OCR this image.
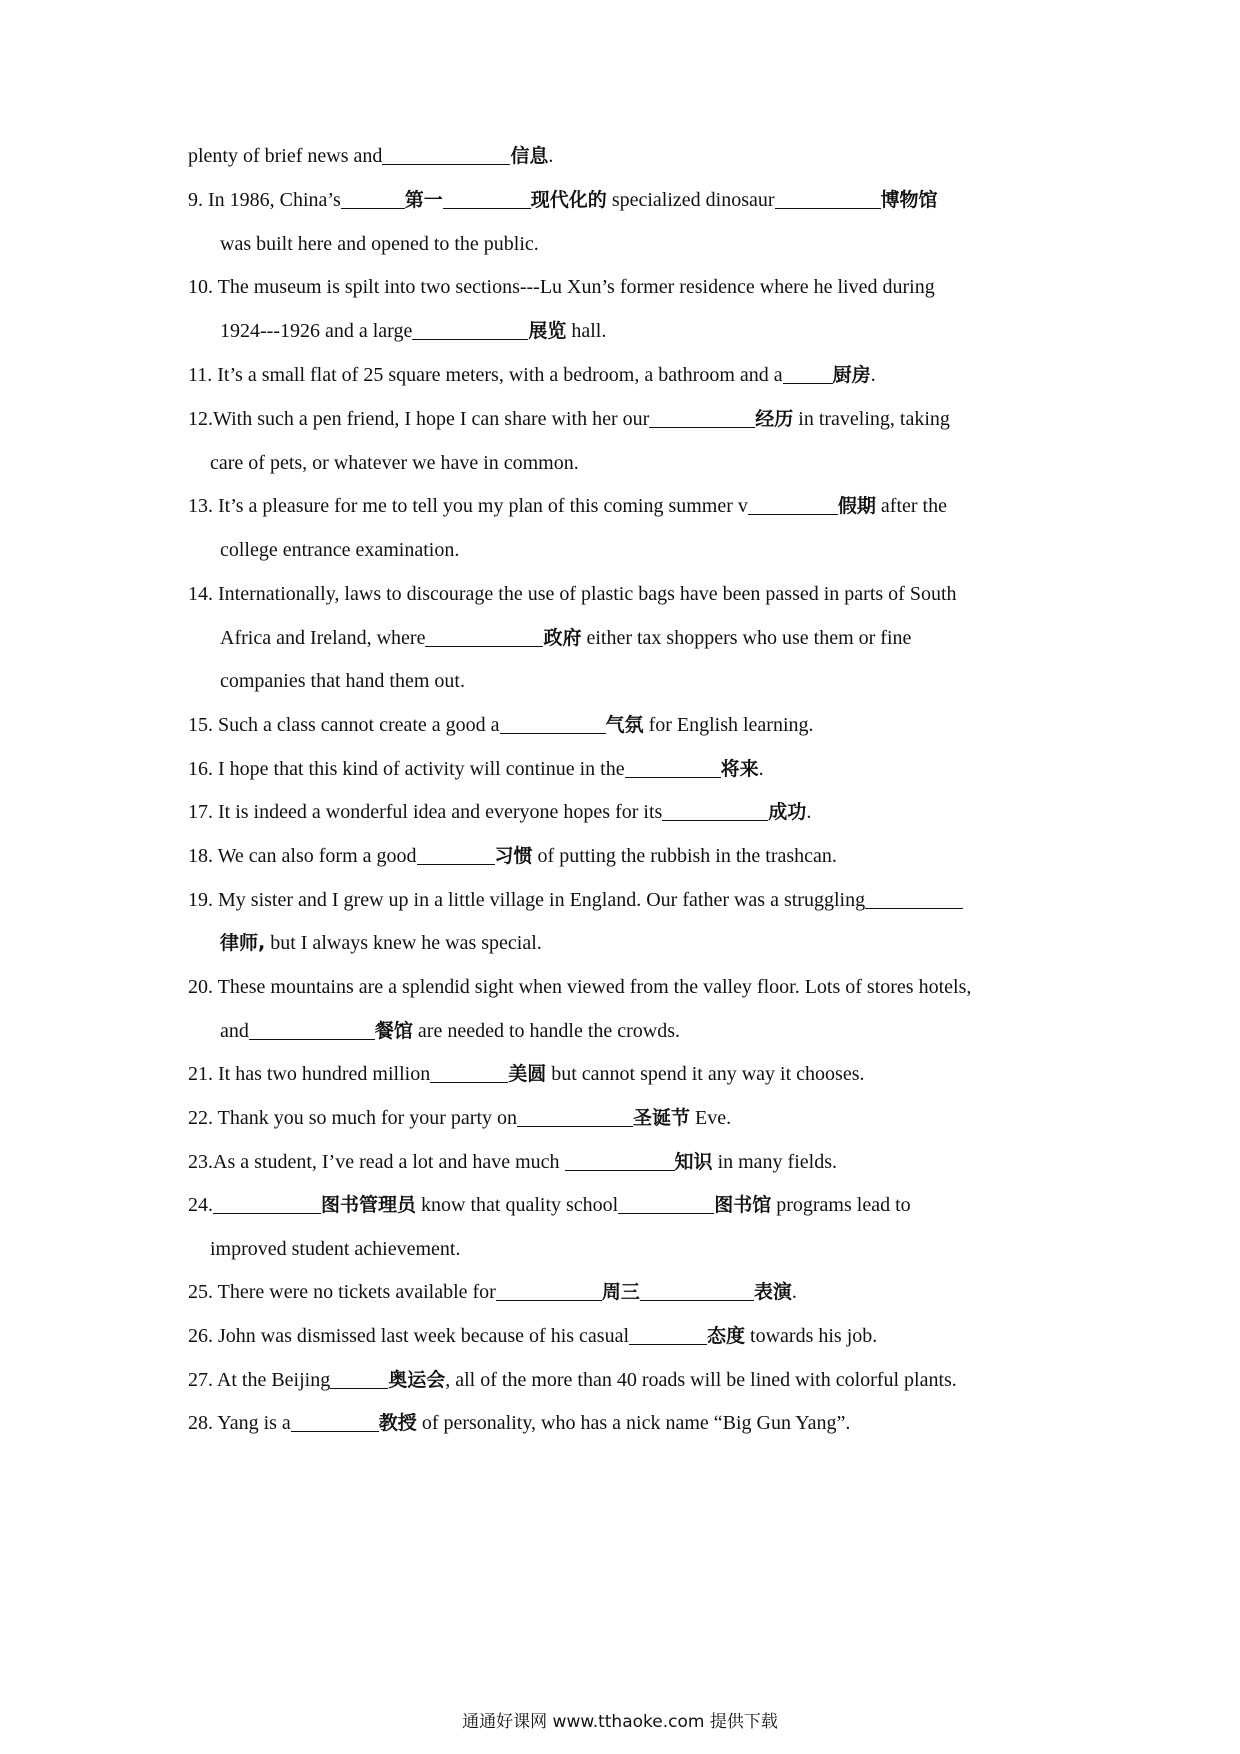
plenty of brief news and	信息.
9. In 1986, China’s	第一	现代化的 specialized dinosaur	博物馆
was built here and opened to the public.
10. The museum is spilt into two sections---Lu Xun’s former residence where he lived during
1924---1926 and a large	展览 hall.
11. It’s a small flat of 25 square meters, with a bedroom, a bathroom and a	厨房.
12.With such a pen friend, I hope I can share with her our	经历 in traveling, taking
care of pets, or whatever we have in common.
13. It’s a pleasure for me to tell you my plan of this coming summer v	假期 after the
college entrance examination.
14. Internationally, laws to discourage the use of plastic bags have been passed in parts of South
Africa and Ireland, where	政府 either tax shoppers who use them or fine
companies that hand them out.
15. Such a class cannot create a good a	气氛 for English learning.
16. I hope that this kind of activity will continue in the	将来.
17. It is indeed a wonderful idea and everyone hopes for its	成功.
18. We can also form a good	习惯 of putting the rubbish in the trashcan.
19. My sister and I grew up in a little village in England. Our father was a struggling
律师, but I always knew he was special.
20. These mountains are a splendid sight when viewed from the valley floor. Lots of stores hotels,
and	餐馆 are needed to handle the crowds.
21. It has two hundred million	美圆 but cannot spend it any way it chooses.
22. Thank you so much for your party on	圣诞节 Eve.
23.As a student, I’ve read a lot and have much	知识 in many fields.
24.	图书管理员 know that quality school	图书馆 programs lead to
improved student achievement.
25. There were no tickets available for	周三	表演.
26. John was dismissed last week because of his casual	态度 towards his job.
27. At the Beijing	奥运会, all of the more than 40 roads will be lined with colorful plants.
28. Yang is a	教授 of personality, who has a nick name “Big Gun Yang”.
通通好课网 www.tthaoke.com 提供下载
